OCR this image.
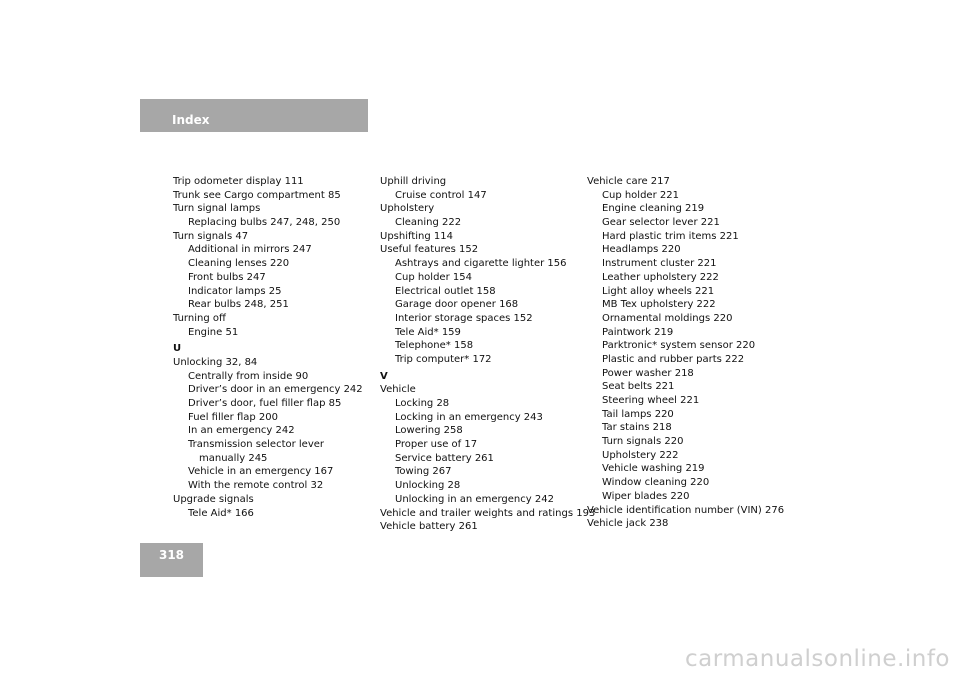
Index
Trip odometer display 111
Trunk see Cargo compartment 85
Turn signal lamps
Replacing bulbs 247, 248, 250
Turn signals 47
Additional in mirrors 247
Cleaning lenses 220
Front bulbs 247
Indicator lamps 25
Rear bulbs 248, 251
Turning off
Engine 51
U
Unlocking 32, 84
Centrally from inside 90
Driver’s door in an emergency 242
Driver’s door, fuel filler flap 85
Fuel filler flap 200
In an emergency 242
Transmission selector lever
manually 245
Vehicle in an emergency 167
With the remote control 32
Upgrade signals
Tele Aid* 166
Uphill driving
Cruise control 147
Upholstery
Cleaning 222
Upshifting 114
Useful features 152
Ashtrays and cigarette lighter 156
Cup holder 154
Electrical outlet 158
Garage door opener 168
Interior storage spaces 152
Tele Aid* 159
Telephone* 158
Trip computer* 172
V
Vehicle
Locking 28
Locking in an emergency 243
Lowering 258
Proper use of 17
Service battery 261
Towing 267
Unlocking 28
Unlocking in an emergency 242
Vehicle and trailer weights and ratings 193
Vehicle battery 261
Vehicle care 217
Cup holder 221
Engine cleaning 219
Gear selector lever 221
Hard plastic trim items 221
Headlamps 220
Instrument cluster 221
Leather upholstery 222
Light alloy wheels 221
MB Tex upholstery 222
Ornamental moldings 220
Paintwork 219
Parktronic* system sensor 220
Plastic and rubber parts 222
Power washer 218
Seat belts 221
Steering wheel 221
Tail lamps 220
Tar stains 218
Turn signals 220
Upholstery 222
Vehicle washing 219
Window cleaning 220
Wiper blades 220
Vehicle identification number (VIN) 276
Vehicle jack 238
318
carmanualsonline.info
